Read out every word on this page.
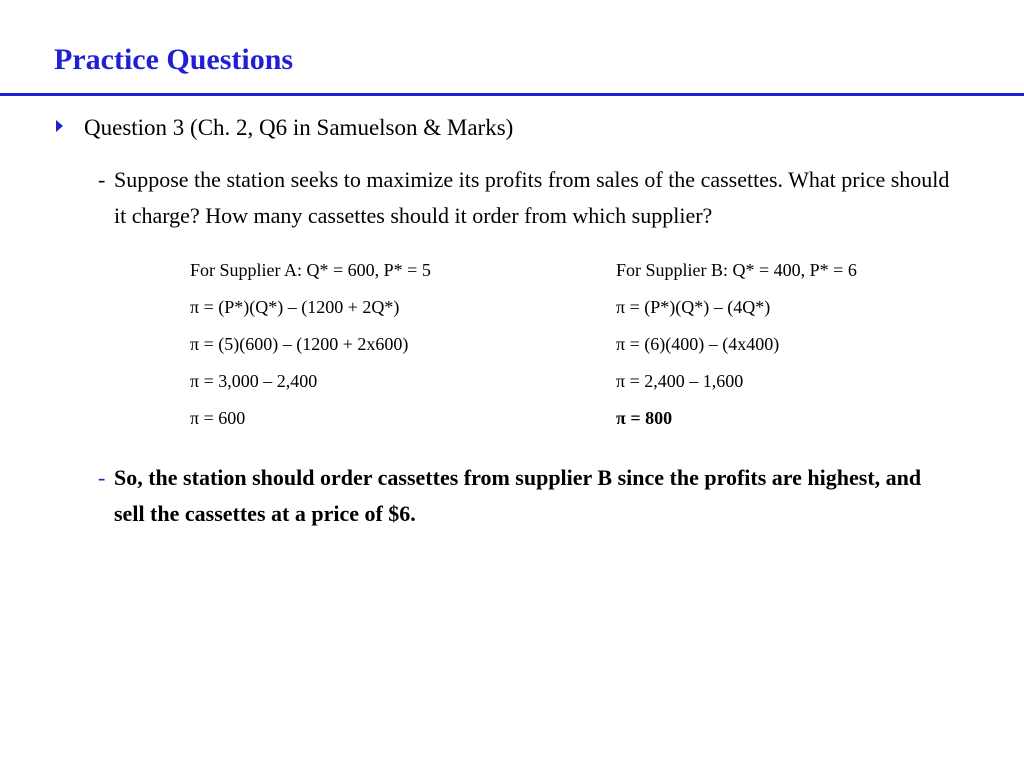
Practice Questions
Question 3 (Ch. 2, Q6 in Samuelson & Marks)
- Suppose the station seeks to maximize its profits from sales of the cassettes. What price should it charge? How many cassettes should it order from which supplier?
For Supplier A: Q* = 600, P* = 5
π = (P*)(Q*) – (1200 + 2Q*)
π = (5)(600) – (1200 + 2x600)
π = 3,000 – 2,400
π = 600
For Supplier B: Q* = 400, P* = 6
π = (P*)(Q*) – (4Q*)
π = (6)(400) – (4x400)
π = 2,400 – 1,600
π = 800
- So, the station should order cassettes from supplier B since the profits are highest, and sell the cassettes at a price of $6.
